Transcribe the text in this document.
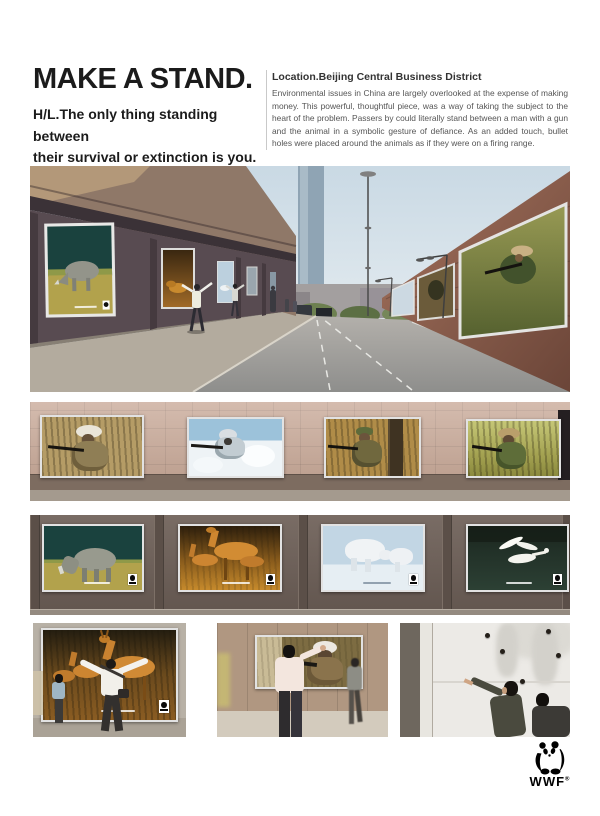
MAKE A STAND.
H/L.The only thing standing between
their survival or extinction is you.

Location.Beijing Central Business District

Environmental issues in China are largely overlooked at the expense of making money. This powerful, thoughtful piece, was a way of taking the subject to the heart of the problem. Passers by could literally stand between a man with a gun and the animal in a symbolic gesture of defiance. As an added touch, bullet holes were placed around the animals as if they were on a firing range.

WWF®
